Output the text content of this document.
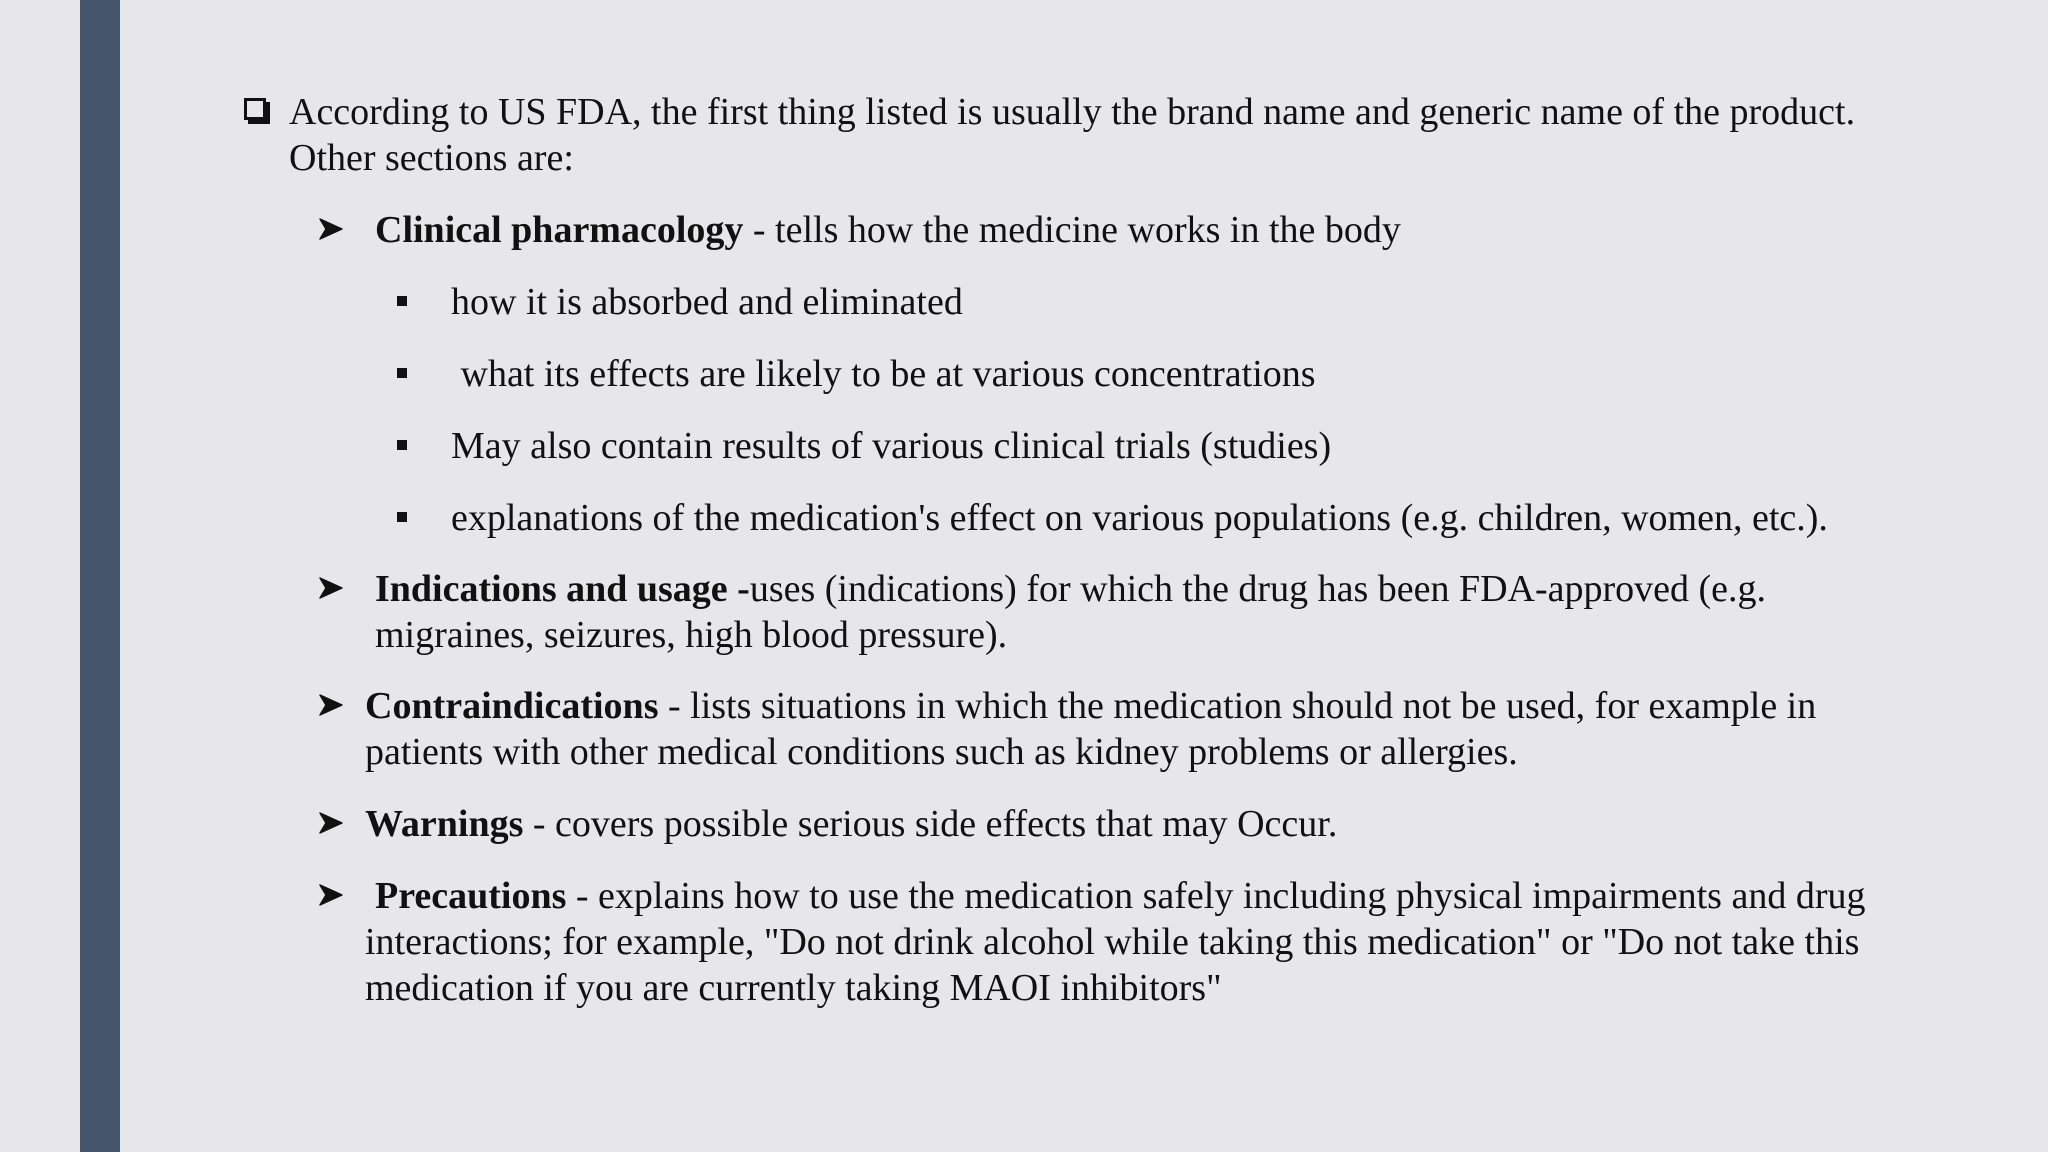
According to US FDA, the first thing listed is usually the brand name and generic name of the product.
Other sections are:
Clinical pharmacology - tells how the medicine works in the body
how it is absorbed and eliminated
what its effects are likely to be at various concentrations
May also contain results of various clinical trials (studies)
explanations of the medication's effect on various populations (e.g. children, women, etc.).
Indications and usage -uses (indications) for which the drug has been FDA-approved (e.g.
migraines, seizures, high blood pressure).
Contraindications - lists situations in which the medication should not be used, for example in
patients with other medical conditions such as kidney problems or allergies.
Warnings - covers possible serious side effects that may Occur.
Precautions - explains how to use the medication safely including physical impairments and drug
interactions; for example, "Do not drink alcohol while taking this medication" or "Do not take this
medication if you are currently taking MAOI inhibitors"
